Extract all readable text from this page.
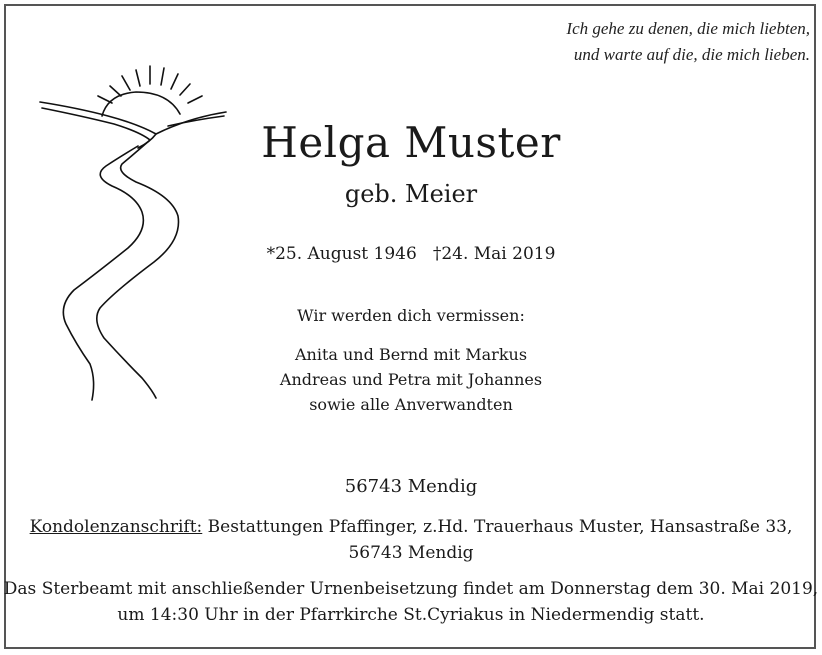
Ich gehe zu denen, die mich liebten,
und warte auf die, die mich lieben.
Helga Muster
geb. Meier
*25. August 1946 †24. Mai 2019
Wir werden dich vermissen:
Anita und Bernd mit Markus
Andreas und Petra mit Johannes
sowie alle Anverwandten
56743 Mendig
Kondolenzanschrift: Bestattungen Pfaffinger, z.Hd. Trauerhaus Muster, Hansastraße 33,
56743 Mendig
Das Sterbeamt mit anschließender Urnenbeisetzung findet am Donnerstag dem 30. Mai 2019,
um 14:30 Uhr in der Pfarrkirche St.Cyriakus in Niedermendig statt.
